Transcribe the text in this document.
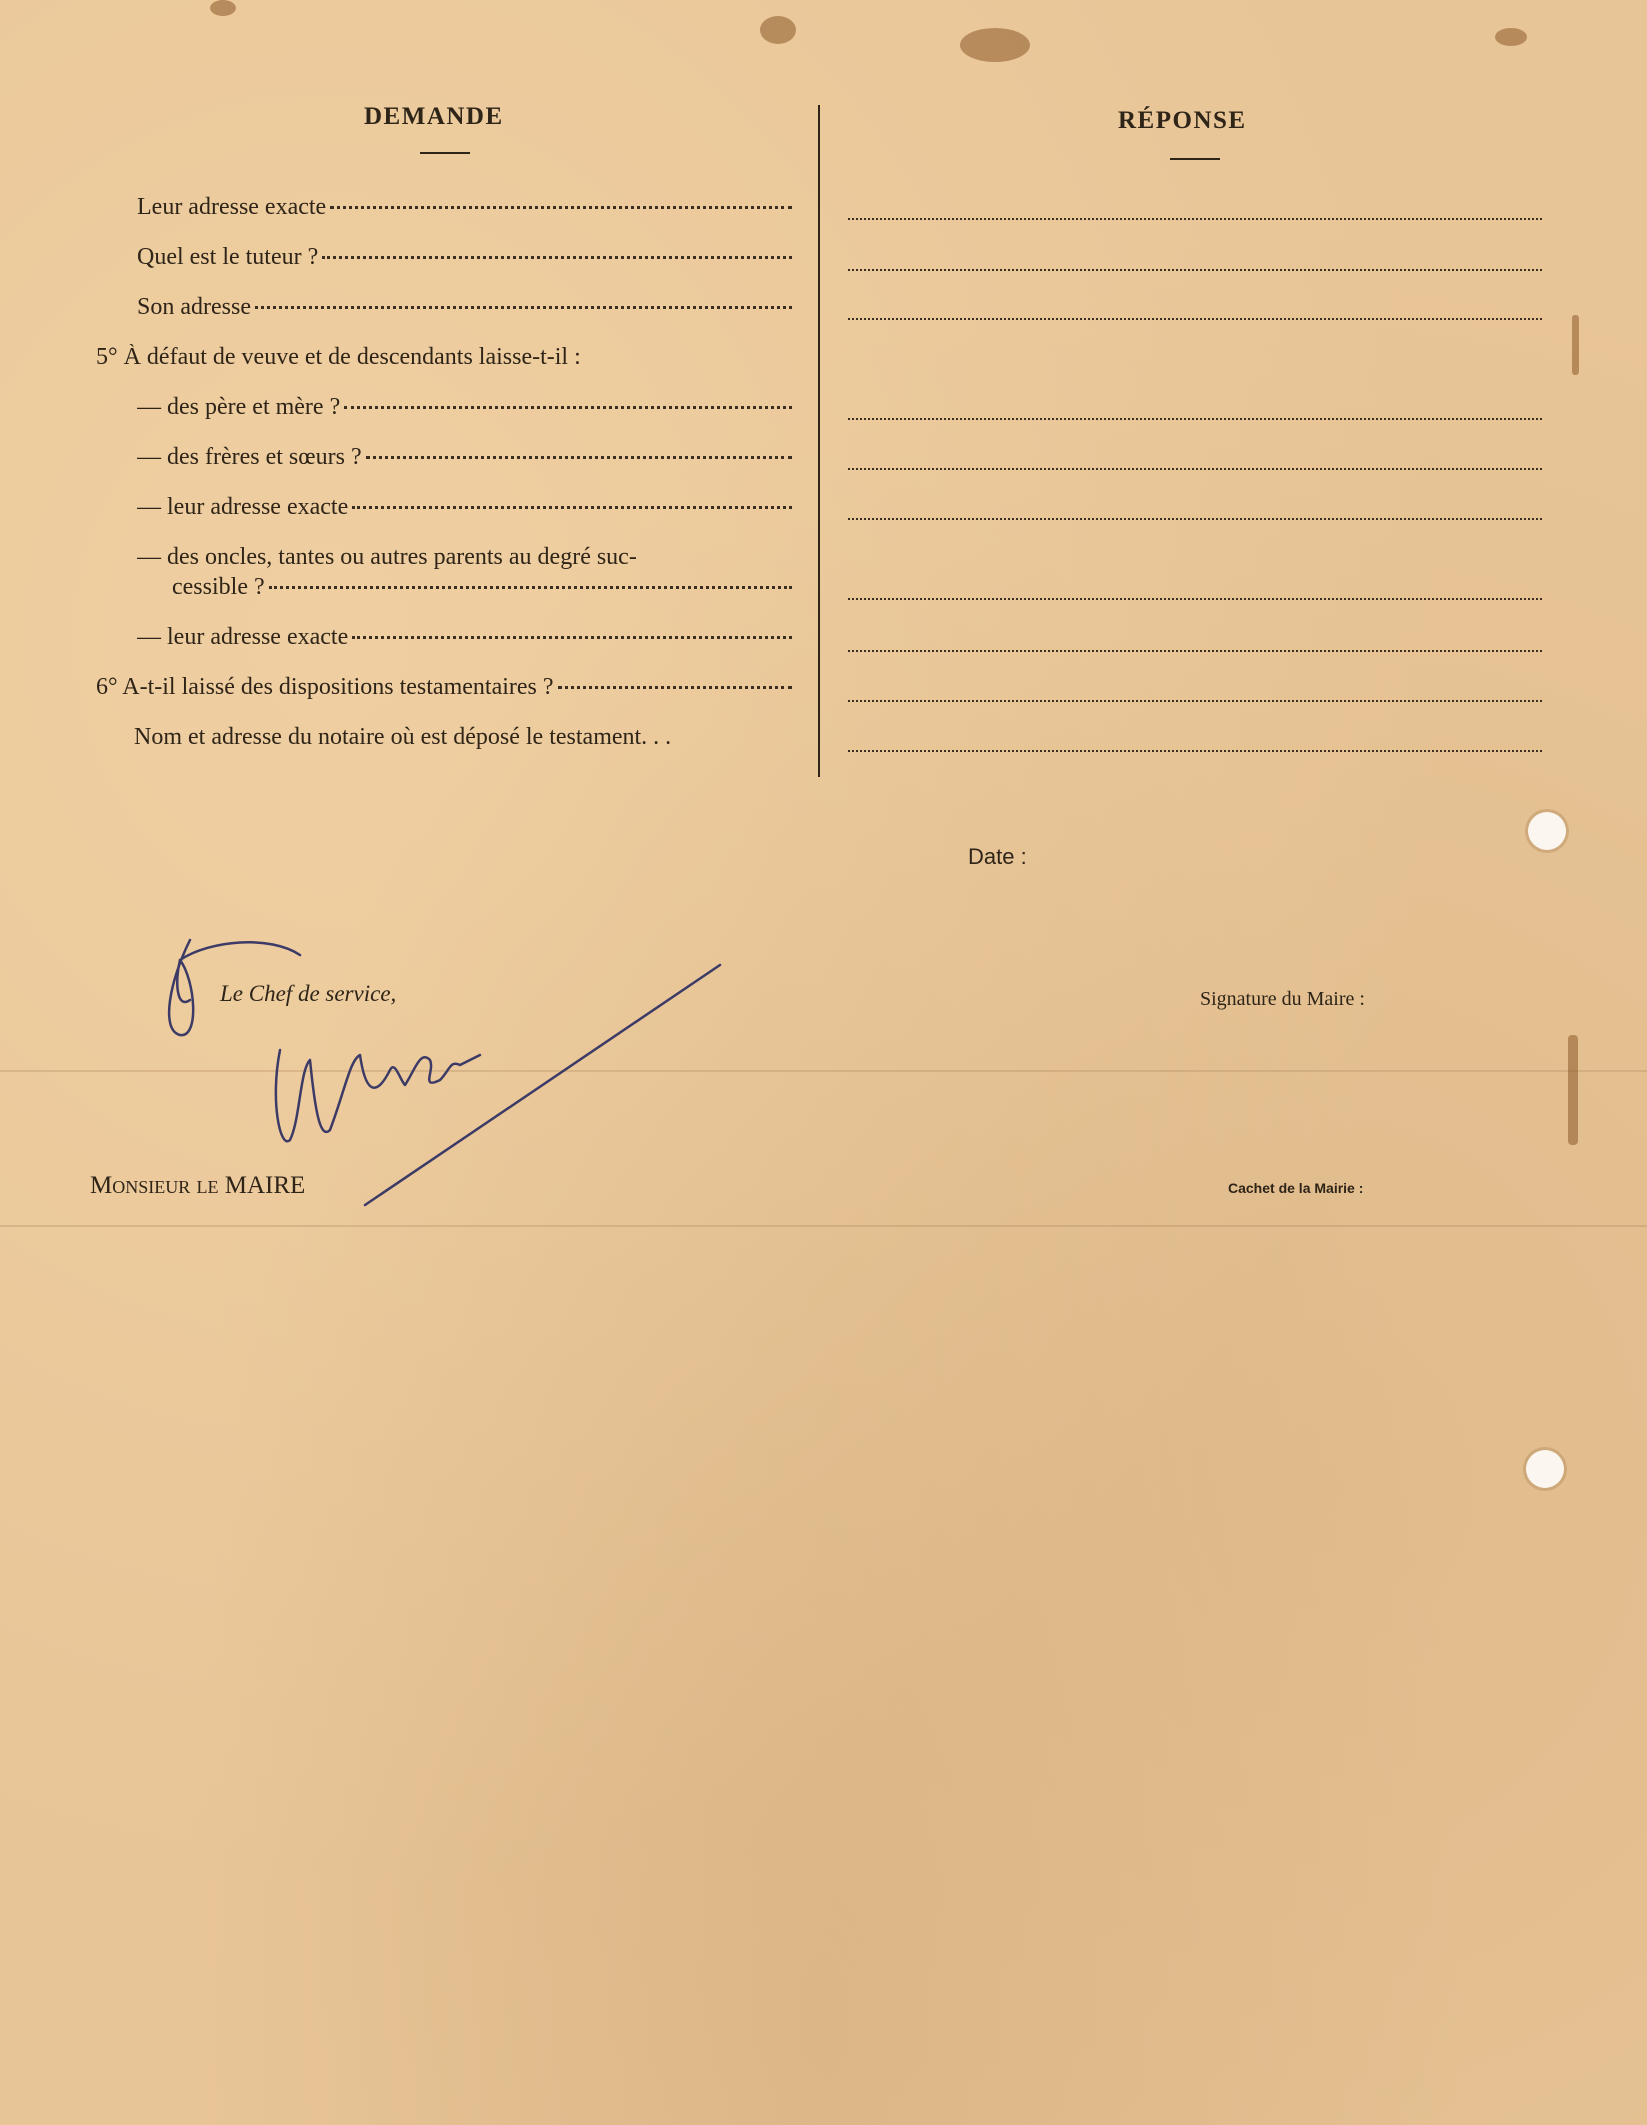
DEMANDE	RÉPONSE
Leur adresse exacte
Quel est le tuteur ?
Son adresse
5° À défaut de veuve et de descendants laisse-t-il :
— des père et mère ?
— des frères et sœurs ?
— leur adresse exacte
— des oncles, tantes ou autres parents au degré suc-
cessible ?
— leur adresse exacte
6° A-t-il laissé des dispositions testamentaires ?
Nom et adresse du notaire où est déposé le testament. . .
Date :
Le Chef de service,	Signature du Maire :
Monsieur le MAIRE	Cachet de la Mairie :
